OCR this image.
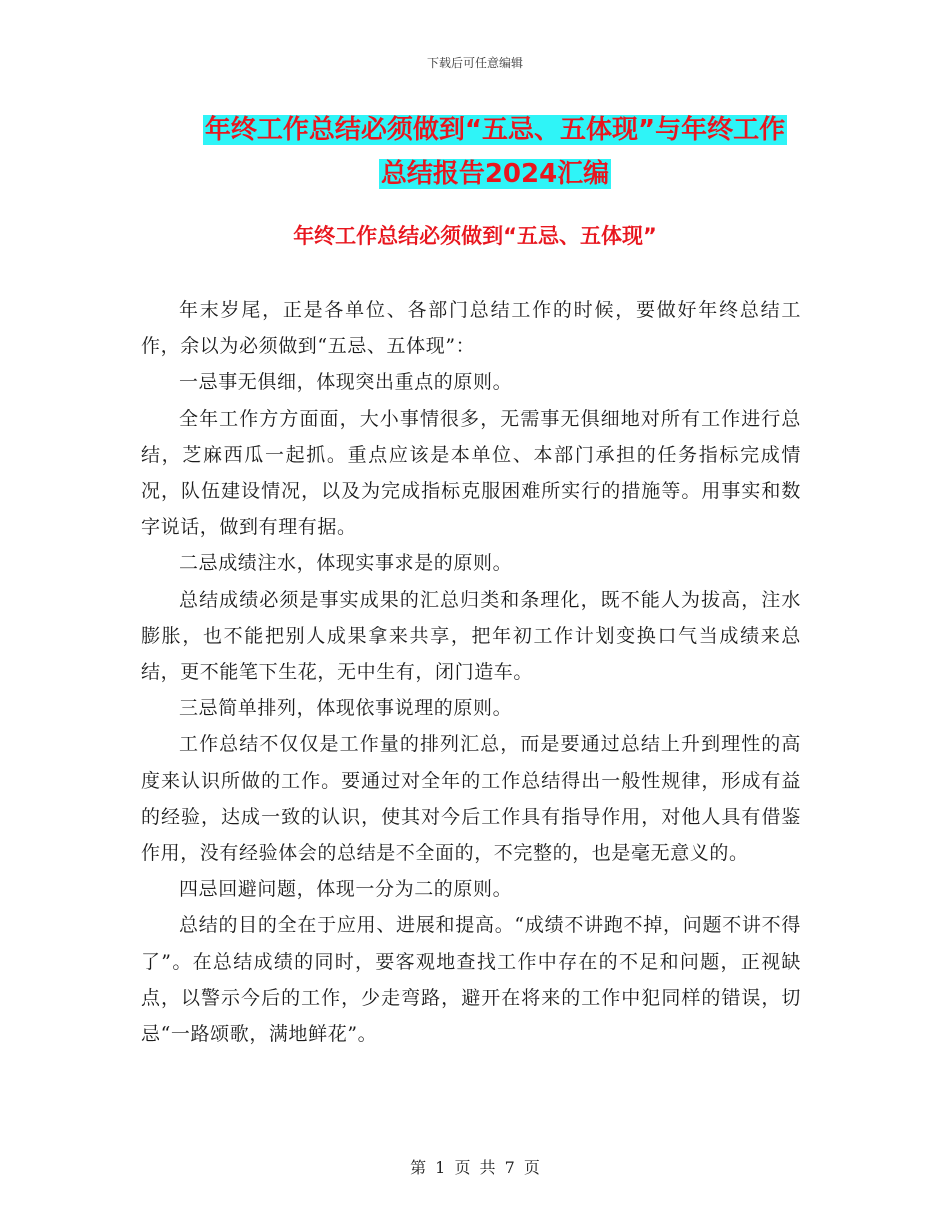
下载后可任意编辑
年终工作总结必须做到“五忌、五体现”与年终工作
总结报告2024汇编
年终工作总结必须做到“五忌、五体现”

年末岁尾，正是各单位、各部门总结工作的时候，要做好年终总结工作，余以为必须做到“五忌、五体现”：

一忌事无俱细，体现突出重点的原则。

全年工作方方面面，大小事情很多，无需事无俱细地对所有工作进行总结，芝麻西瓜一起抓。重点应该是本单位、本部门承担的任务指标完成情况，队伍建设情况，以及为完成指标克服困难所实行的措施等。用事实和数字说话，做到有理有据。

二忌成绩注水，体现实事求是的原则。

总结成绩必须是事实成果的汇总归类和条理化，既不能人为拔高，注水膨胀，也不能把别人成果拿来共享，把年初工作计划变换口气当成绩来总结，更不能笔下生花，无中生有，闭门造车。

三忌简单排列，体现依事说理的原则。

工作总结不仅仅是工作量的排列汇总，而是要通过总结上升到理性的高度来认识所做的工作。要通过对全年的工作总结得出一般性规律，形成有益的经验，达成一致的认识，使其对今后工作具有指导作用，对他人具有借鉴作用，没有经验体会的总结是不全面的，不完整的，也是毫无意义的。

四忌回避问题，体现一分为二的原则。

总结的目的全在于应用、进展和提高。“成绩不讲跑不掉，问题不讲不得了”。在总结成绩的同时，要客观地查找工作中存在的不足和问题，正视缺点，以警示今后的工作，少走弯路，避开在将来的工作中犯同样的错误，切忌“一路颂歌，满地鲜花”。

第 1 页 共 7 页
